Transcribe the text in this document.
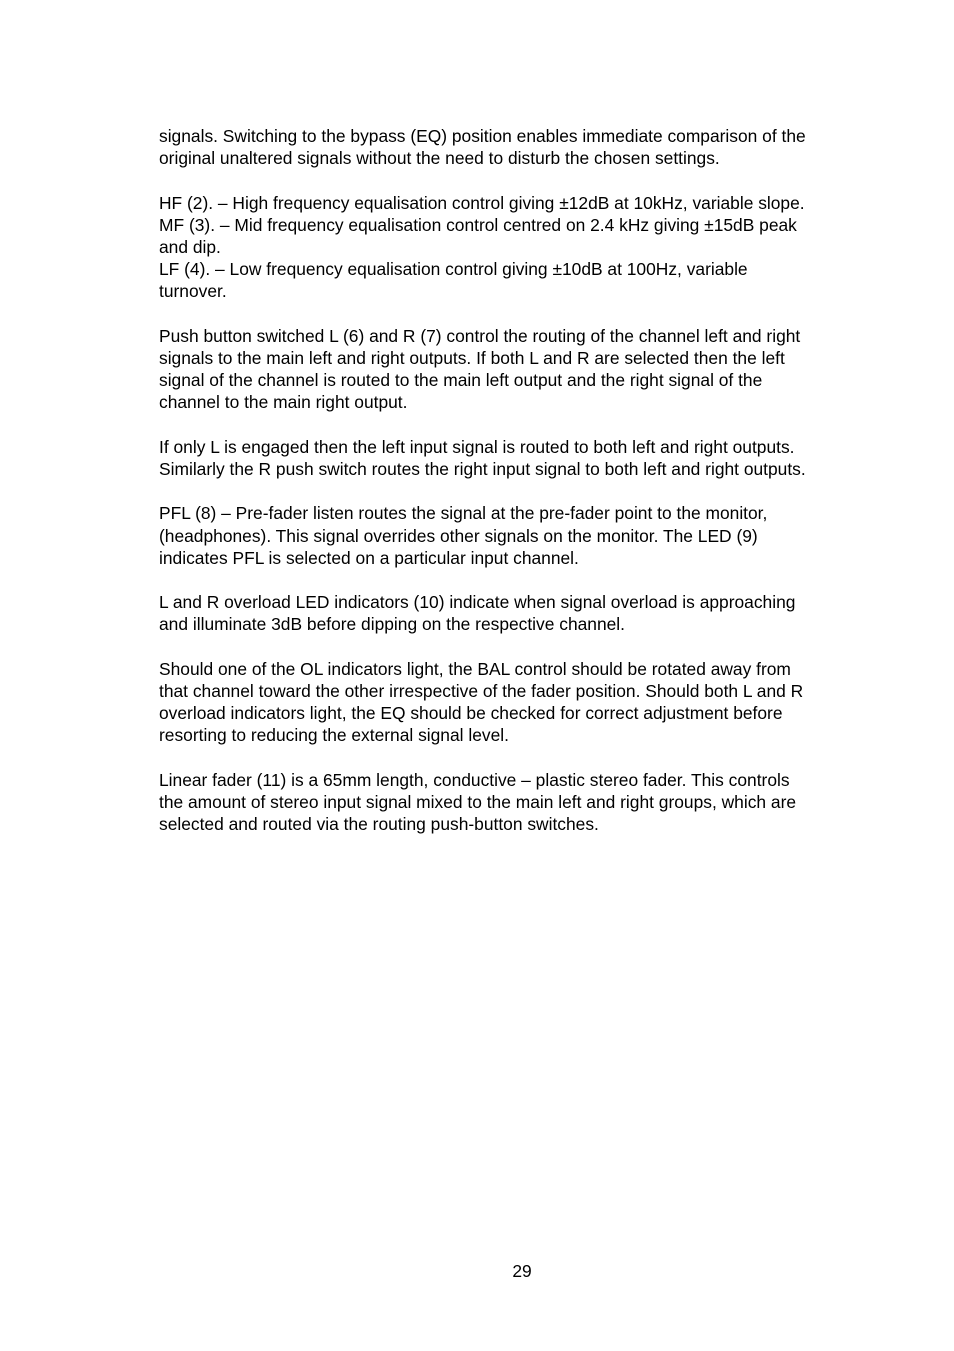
signals. Switching to the bypass (EQ) position enables immediate comparison of the
original unaltered signals without the need to disturb the chosen settings.

HF (2). – High frequency equalisation control giving ±12dB at 10kHz, variable slope.
MF (3). – Mid frequency equalisation control centred on 2.4 kHz giving ±15dB peak
and dip.
LF (4). – Low frequency equalisation control giving ±10dB at 100Hz, variable
turnover.

Push button switched L (6) and R (7) control the routing of the channel left and right
signals to the main left and right outputs. If both L and R are selected then the left
signal of the channel is routed to the main left output and the right signal of the
channel to the main right output.

If only L is engaged then the left input signal is routed to both left and right outputs.
Similarly the R push switch routes the right input signal to both left and right outputs.

PFL (8) – Pre-fader listen routes the signal at the pre-fader point to the monitor,
(headphones). This signal overrides other signals on the monitor. The LED (9)
indicates PFL is selected on a particular input channel.

L and R overload LED indicators (10) indicate when signal overload is approaching
and illuminate 3dB before dipping on the respective channel.

Should one of the OL indicators light, the BAL control should be rotated away from
that channel toward the other irrespective of the fader position. Should both L and R
overload indicators light, the EQ should be checked for correct adjustment before
resorting to reducing the external signal level.

Linear fader (11) is a 65mm length, conductive – plastic stereo fader. This controls
the amount of stereo input signal mixed to the main left and right groups, which are
selected and routed via the routing push-button switches.

29
